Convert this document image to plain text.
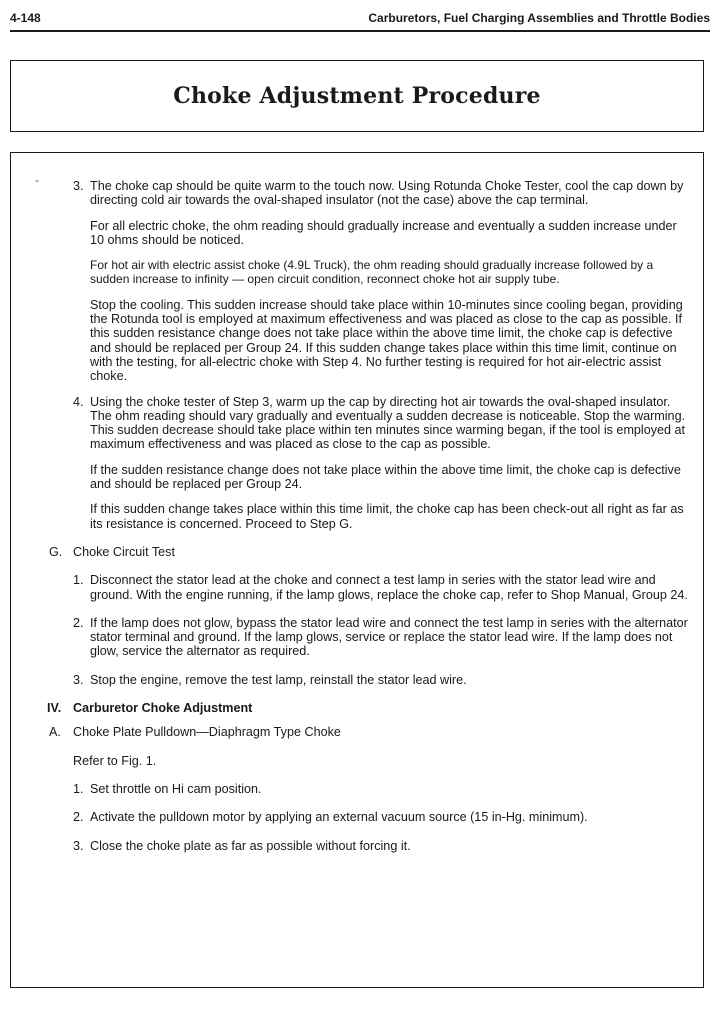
4-148	Carburetors, Fuel Charging Assemblies and Throttle Bodies
Choke Adjustment Procedure
-	3. The choke cap should be quite warm to the touch now. Using Rotunda Choke Tester, cool the cap down by directing cold air towards the oval-shaped insulator (not the case) above the cap terminal.

For all electric choke, the ohm reading should gradually increase and eventually a sudden increase under 10 ohms should be noticed.

For hot air with electric assist choke (4.9L Truck), the ohm reading should gradually increase followed by a sudden increase to infinity — open circuit condition, reconnect choke hot air supply tube.

Stop the cooling. This sudden increase should take place within 10-minutes since cooling began, providing the Rotunda tool is employed at maximum effectiveness and was placed as close to the cap as possible. If this sudden resistance change does not take place within the above time limit, the choke cap is defective and should be replaced per Group 24. If this sudden change takes place within this time limit, continue on with the testing, for all-electric choke with Step 4. No further testing is required for hot air-electric assist choke.

4. Using the choke tester of Step 3, warm up the cap by directing hot air towards the oval-shaped insulator. The ohm reading should vary gradually and eventually a sudden decrease is noticeable. Stop the warming. This sudden decrease should take place within ten minutes since warming began, if the tool is employed at maximum effectiveness and was placed as close to the cap as possible.

If the sudden resistance change does not take place within the above time limit, the choke cap is defective and should be replaced per Group 24.

If this sudden change takes place within this time limit, the choke cap has been check-out all right as far as its resistance is concerned. Proceed to Step G.

G. Choke Circuit Test
1. Disconnect the stator lead at the choke and connect a test lamp in series with the stator lead wire and ground. With the engine running, if the lamp glows, replace the choke cap, refer to Shop Manual, Group 24.

2. If the lamp does not glow, bypass the stator lead wire and connect the test lamp in series with the alternator stator terminal and ground. If the lamp glows, service or replace the stator lead wire. If the lamp does not glow, service the alternator as required.

3. Stop the engine, remove the test lamp, reinstall the stator lead wire.

IV. Carburetor Choke Adjustment
A. Choke Plate Pulldown—Diaphragm Type Choke
Refer to Fig. 1.
1. Set throttle on Hi cam position.

2. Activate the pulldown motor by applying an external vacuum source (15 in-Hg. minimum).

3. Close the choke plate as far as possible without forcing it.
